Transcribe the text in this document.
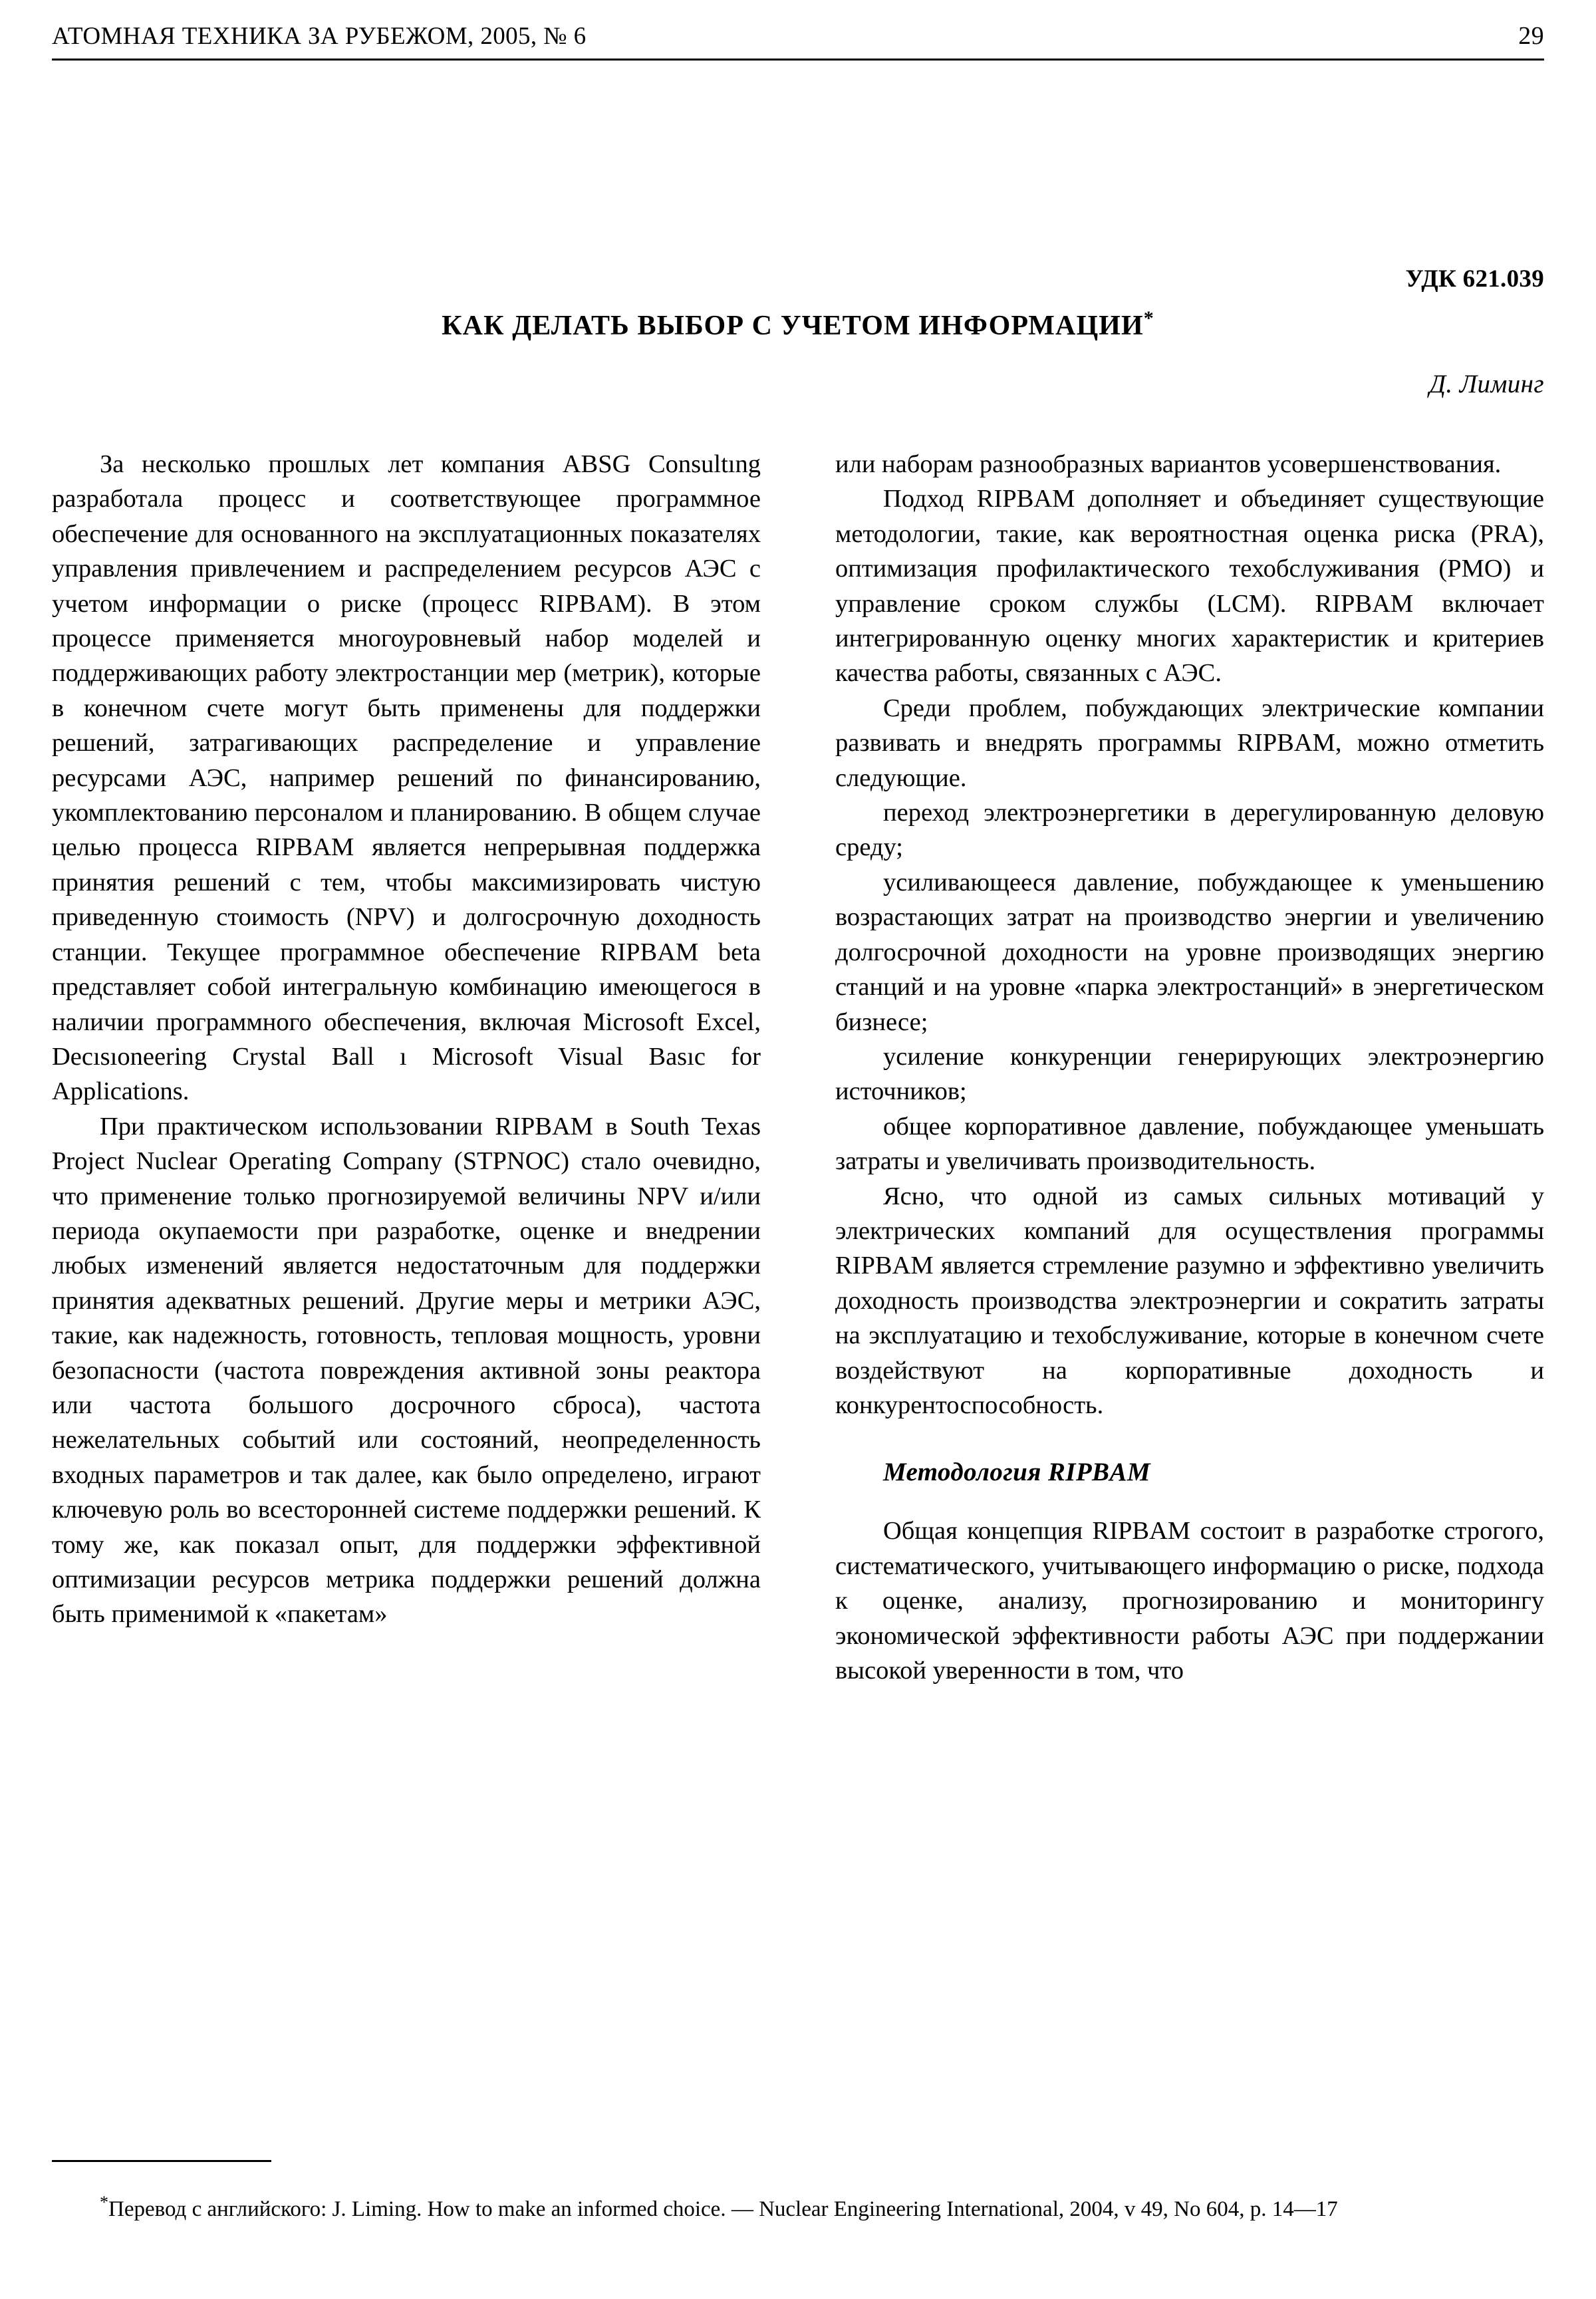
АТОМНАЯ ТЕХНИКА ЗА РУБЕЖОМ, 2005, № 6	29
УДК 621.039
КАК ДЕЛАТЬ ВЫБОР С УЧЕТОМ ИНФОРМАЦИИ*
Д. Лиминг

За несколько прошлых лет компания ABSG Consultıng разработала процесс и соответствующее программное обеспечение для основанного на эксплуатационных показателях управления привлечением и распределением ресурсов АЭС с учетом информации о риске (процесс RIPBAM). В этом процессе применяется многоуровневый набор моделей и поддерживающих работу электростанции мер (метрик), которые в конечном счете могут быть применены для поддержки решений, затрагивающих распределение и управление ресурсами АЭС, например решений по финансированию, укомплектованию персоналом и планированию. В общем случае целью процесса RIPBAM является непрерывная поддержка принятия решений с тем, чтобы максимизировать чистую приведенную стоимость (NPV) и долгосрочную доходность станции. Текущее программное обеспечение RIPBAM beta представляет собой интегральную комбинацию имеющегося в наличии программного обеспечения, включая Microsoft Excel, Decısıoneering Crystal Ball ı Microsoft Visual Basıc for Applications.

При практическом использовании RIPBAM в South Texas Project Nuclear Operating Company (STPNOC) стало очевидно, что применение только прогнозируемой величины NPV и/или периода окупаемости при разработке, оценке и внедрении любых изменений является недостаточным для поддержки принятия адекватных решений. Другие меры и метрики АЭС, такие, как надежность, готовность, тепловая мощность, уровни безопасности (частота повреждения активной зоны реактора или частота большого досрочного сброса), частота нежелательных событий или состояний, неопределенность входных параметров и так далее, как было определено, играют ключевую роль во всесторонней системе поддержки решений. К тому же, как показал опыт, для поддержки эффективной оптимизации ресурсов метрика поддержки решений должна быть применимой к «пакетам»

или наборам разнообразных вариантов усовершенствования.

Подход RIPBAM дополняет и объединяет существующие методологии, такие, как вероятностная оценка риска (PRA), оптимизация профилактического техобслуживания (PMO) и управление сроком службы (LCM). RIPBAM включает интегрированную оценку многих характеристик и критериев качества работы, связанных с АЭС.

Среди проблем, побуждающих электрические компании развивать и внедрять программы RIPBAM, можно отметить следующие.

переход электроэнергетики в дерегулированную деловую среду;

усиливающееся давление, побуждающее к уменьшению возрастающих затрат на производство энергии и увеличению долгосрочной доходности на уровне производящих энергию станций и на уровне «парка электростанций» в энергетическом бизнесе;

усиление конкуренции генерирующих электроэнергию источников;

общее корпоративное давление, побуждающее уменьшать затраты и увеличивать производительность.

Ясно, что одной из самых сильных мотиваций у электрических компаний для осуществления программы RIPBAM является стремление разумно и эффективно увеличить доходность производства электроэнергии и сократить затраты на эксплуатацию и техобслуживание, которые в конечном счете воздействуют на корпоративные доходность и конкурентоспособность.

Методология RIPBAM

Общая концепция RIPBAM состоит в разработке строгого, систематического, учитывающего информацию о риске, подхода к оценке, анализу, прогнозированию и мониторингу экономической эффективности работы АЭС при поддержании высокой уверенности в том, что

*Перевод с английского: J. Liming. How to make an informed choice. — Nuclear Engineering International, 2004, v 49, No 604, p. 14—17
